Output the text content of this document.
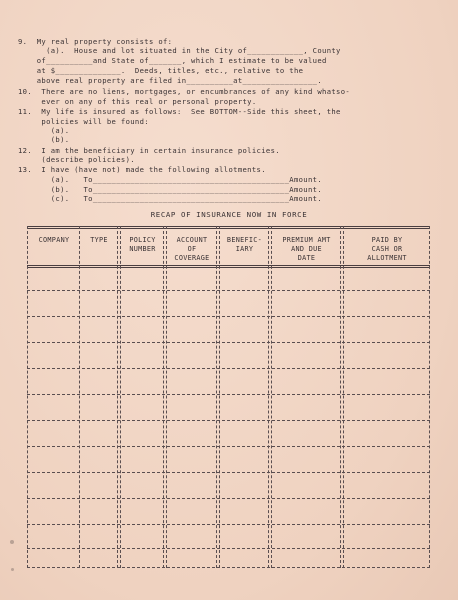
9.  My real property consists of:
(a).  House and lot situated in the City of____________, County
of__________and State of_______, which I estimate to be valued
at $______________.  Deeds, titles, etc., relative to the
above real property are filed in__________at________________.
10.  There are no liens, mortgages, or encumbrances of any kind whatso-
ever on any of this real or personal property.
11.  My life is insured as follows:  See BOTTOM--Side this sheet, the
policies will be found:
(a).
(b).
12.  I am the beneficiary in certain insurance policies.
(describe policies).
13.  I have (have not) made the following allotments.
(a).   To__________________________________________Amount.
(b).   To__________________________________________Amount.
(c).   To__________________________________________Amount.
RECAP OF INSURANCE NOW IN FORCE
COMPANY	TYPE	POLICY
NUMBER
ACCOUNT
OF
COVERAGE
BENEFIC-
IARY
PREMIUM AMT
AND DUE
DATE
PAID BY
CASH OR
ALLOTMENT
